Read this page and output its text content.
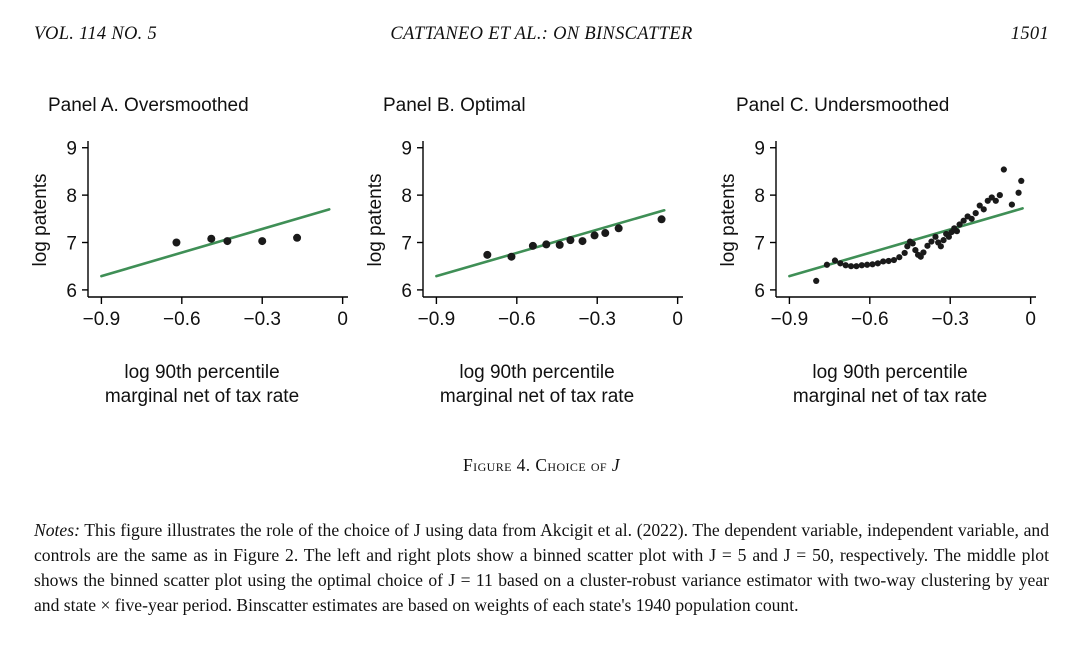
VOL. 114 NO. 5	CATTANEO ET AL.: ON BINSCATTER	1501
Panel A. Oversmoothed
6
7
8
9
−0.9 −0.6 −0.3	0
log patents
log 90th percentile
marginal net of tax rate
Panel B. Optimal
6
7
8
9
−0.9 −0.6 −0.3	0
log patents
log 90th percentile
marginal net of tax rate
Panel C. Undersmoothed
6
7
8
9
−0.9 −0.6 −0.3	0
log patents
log 90th percentile
marginal net of tax rate
Figure 4. Choice of J
Notes: This figure illustrates the role of the choice of J using data from Akcigit et al. (2022). The dependent variable, independent variable, and controls are the same as in Figure 2. The left and right plots show a binned scatter plot with J = 5 and J = 50, respectively. The middle plot shows the binned scatter plot using the optimal choice of J = 11 based on a cluster-robust variance estimator with two-way clustering by year and state × five-year period. Binscatter estimates are based on weights of each state's 1940 population count.
